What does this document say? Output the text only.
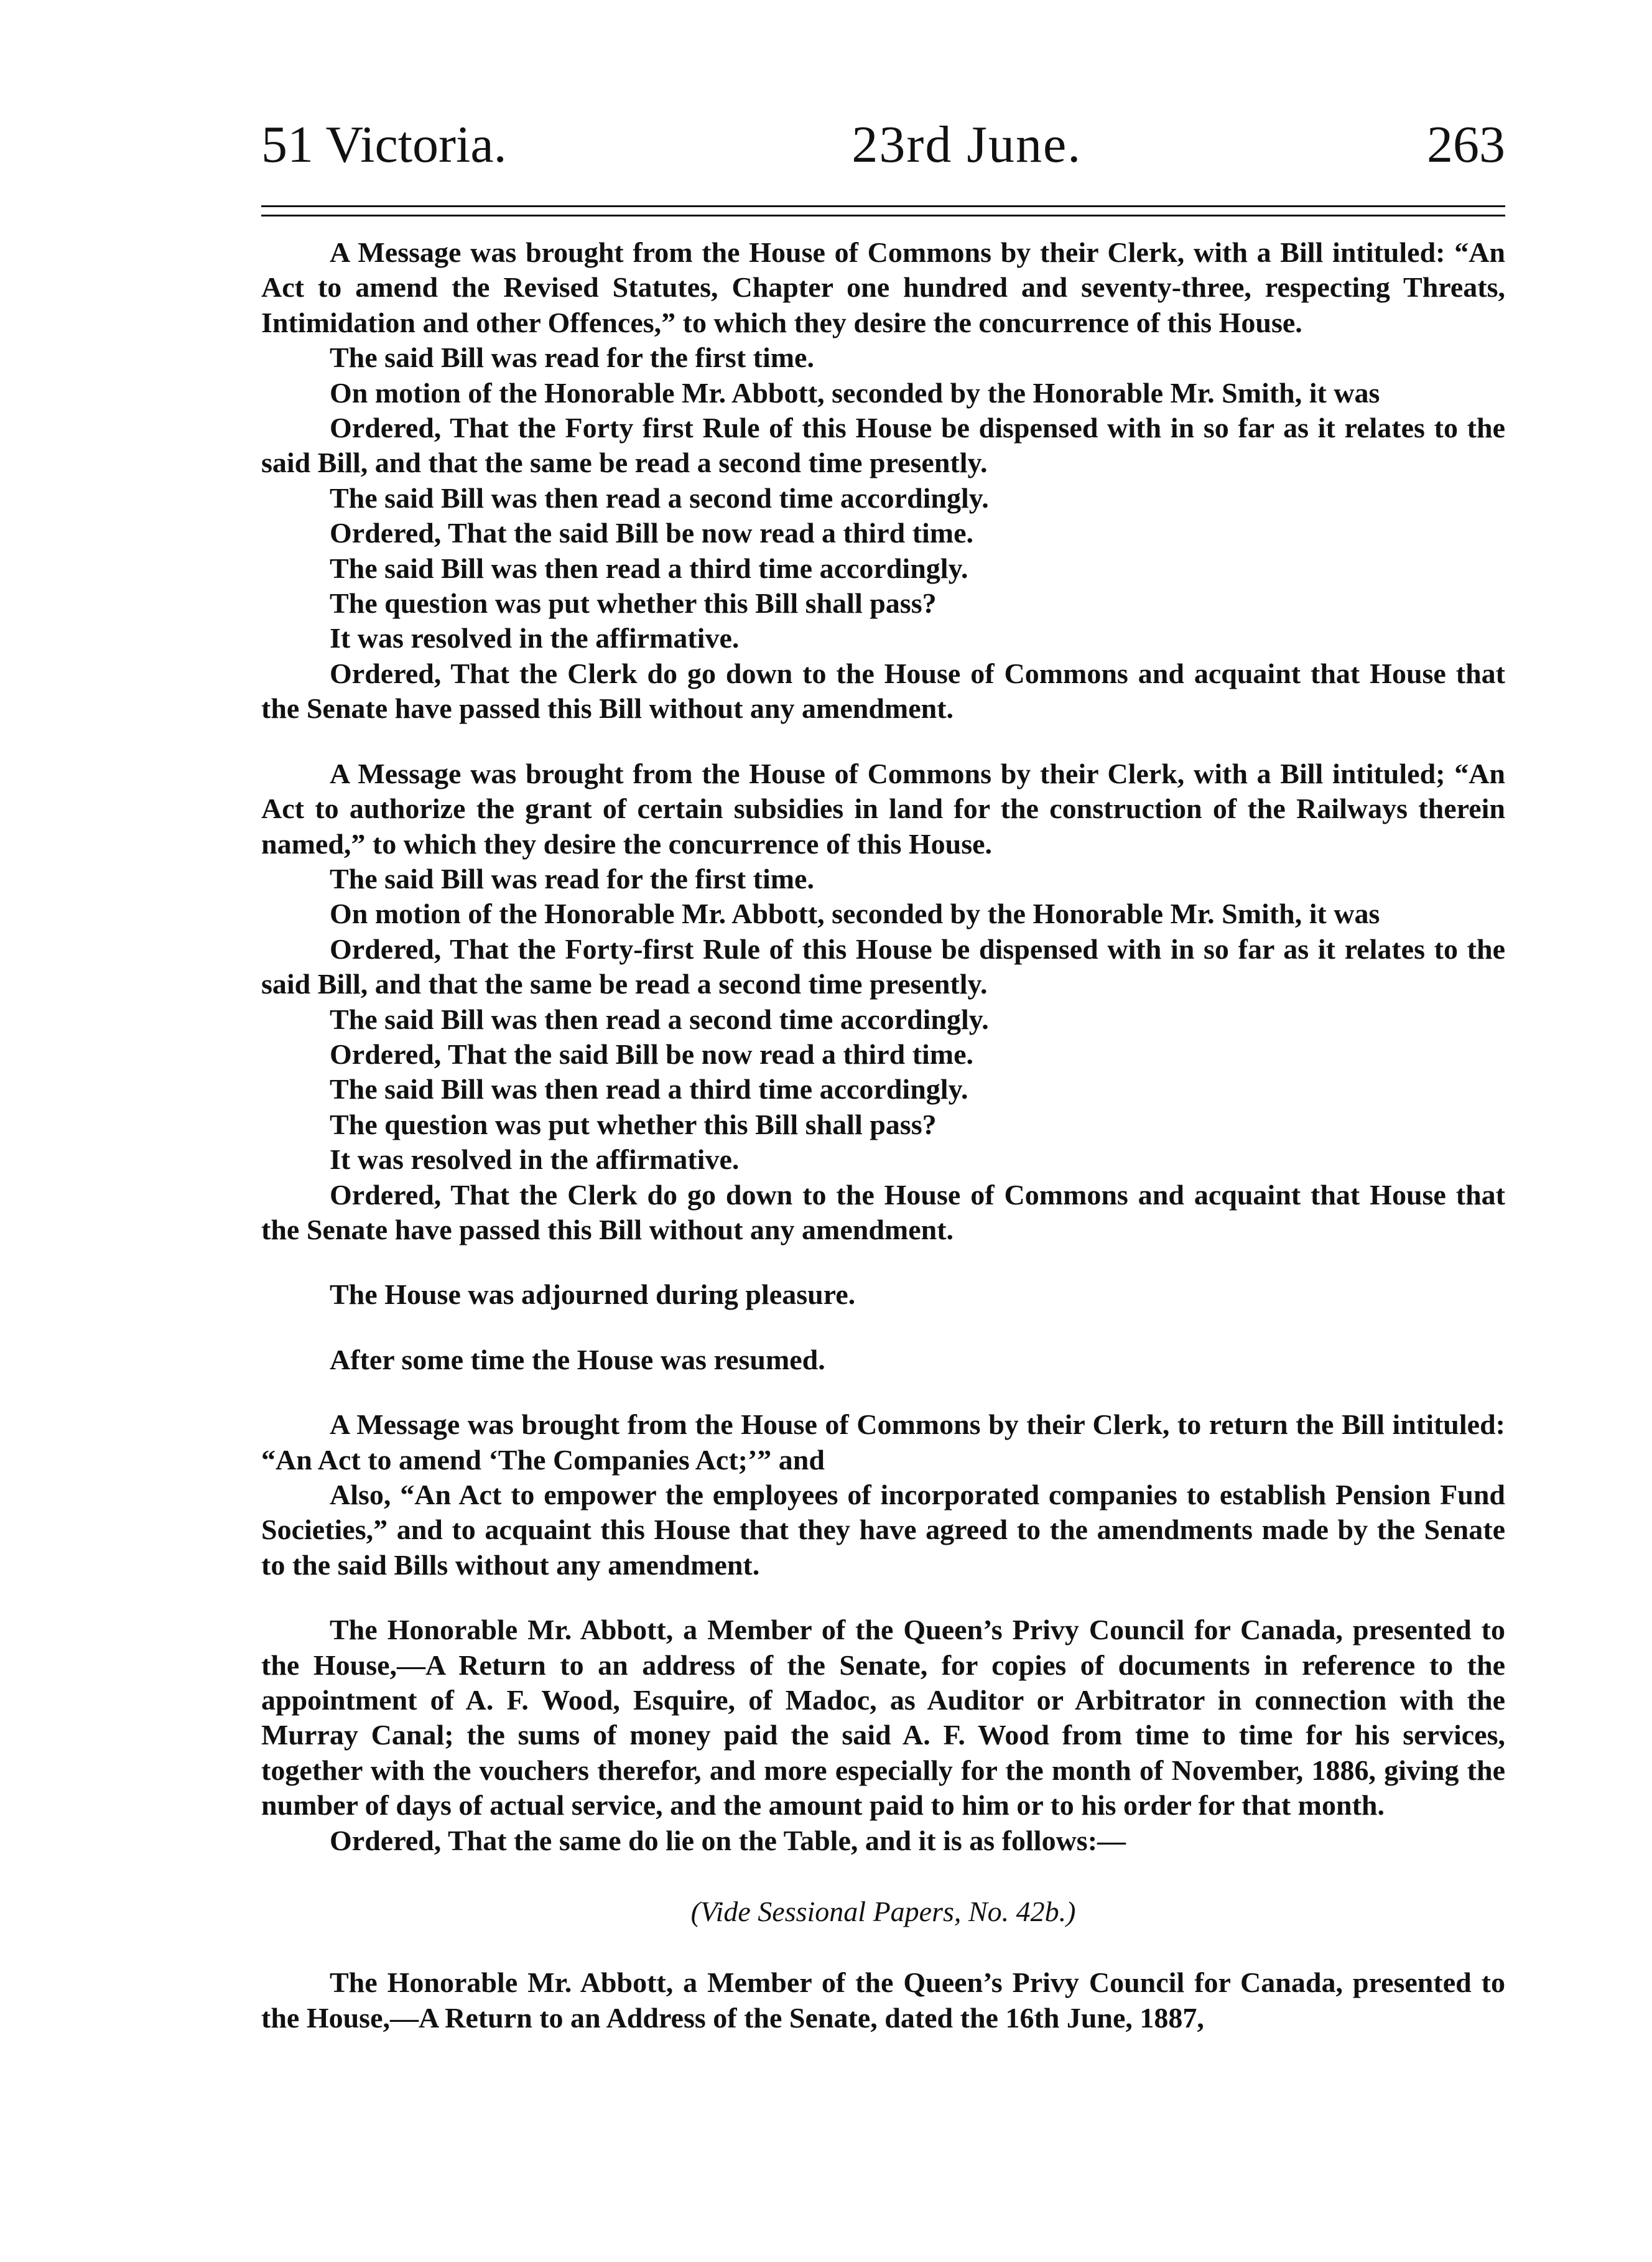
51 Victoria.	23rd June.	263

A Message was brought from the House of Commons by their Clerk, with a Bill intituled: “An Act to amend the Revised Statutes, Chapter one hundred and seventy-three, respecting Threats, Intimidation and other Offences,” to which they desire the concurrence of this House.

The said Bill was read for the first time.

On motion of the Honorable Mr. Abbott, seconded by the Honorable Mr. Smith, it was

Ordered, That the Forty first Rule of this House be dispensed with in so far as it relates to the said Bill, and that the same be read a second time presently.

The said Bill was then read a second time accordingly.

Ordered, That the said Bill be now read a third time.

The said Bill was then read a third time accordingly.

The question was put whether this Bill shall pass?

It was resolved in the affirmative.

Ordered, That the Clerk do go down to the House of Commons and acquaint that House that the Senate have passed this Bill without any amendment.

A Message was brought from the House of Commons by their Clerk, with a Bill intituled; “An Act to authorize the grant of certain subsidies in land for the construction of the Railways therein named,” to which they desire the concurrence of this House.

The said Bill was read for the first time.

On motion of the Honorable Mr. Abbott, seconded by the Honorable Mr. Smith, it was

Ordered, That the Forty-first Rule of this House be dispensed with in so far as it relates to the said Bill, and that the same be read a second time presently.

The said Bill was then read a second time accordingly.

Ordered, That the said Bill be now read a third time.

The said Bill was then read a third time accordingly.

The question was put whether this Bill shall pass?

It was resolved in the affirmative.

Ordered, That the Clerk do go down to the House of Commons and acquaint that House that the Senate have passed this Bill without any amendment.

The House was adjourned during pleasure.

After some time the House was resumed.

A Message was brought from the House of Commons by their Clerk, to return the Bill intituled: “An Act to amend ‘The Companies Act;’” and

Also, “An Act to empower the employees of incorporated companies to establish Pension Fund Societies,” and to acquaint this House that they have agreed to the amendments made by the Senate to the said Bills without any amendment.

The Honorable Mr. Abbott, a Member of the Queen’s Privy Council for Canada, presented to the House,—A Return to an address of the Senate, for copies of documents in reference to the appointment of A. F. Wood, Esquire, of Madoc, as Auditor or Arbitrator in connection with the Murray Canal; the sums of money paid the said A. F. Wood from time to time for his services, together with the vouchers therefor, and more especially for the month of November, 1886, giving the number of days of actual service, and the amount paid to him or to his order for that month.

Ordered, That the same do lie on the Table, and it is as follows:—

(Vide Sessional Papers, No. 42b.)

The Honorable Mr. Abbott, a Member of the Queen’s Privy Council for Canada, presented to the House,—A Return to an Address of the Senate, dated the 16th June, 1887,
